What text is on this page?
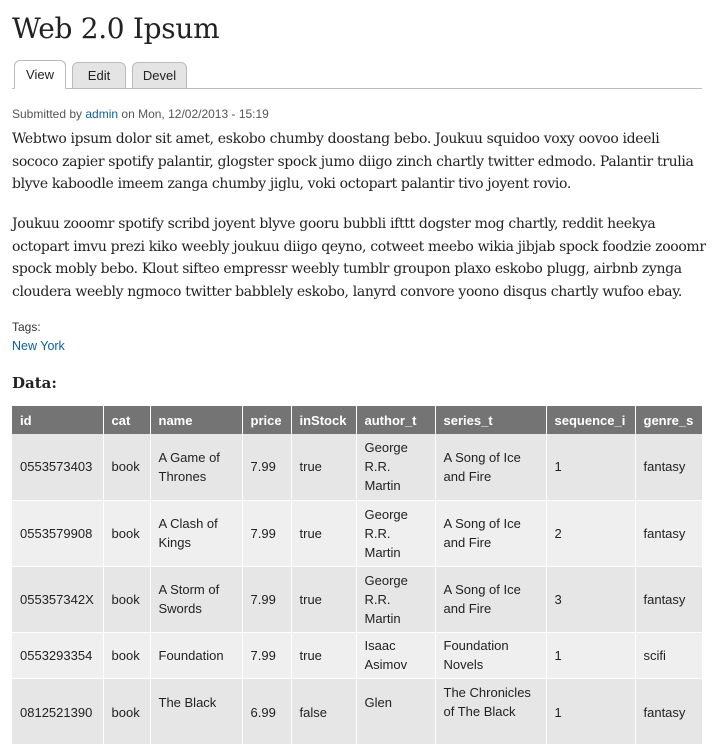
Web 2.0 Ipsum
View	Edit	Devel
Submitted by admin on Mon, 12/02/2013 - 15:19

Webtwo ipsum dolor sit amet, eskobo chumby doostang bebo. Joukuu squidoo voxy oovoo ideeli sococo zapier spotify palantir, glogster spock jumo diigo zinch chartly twitter edmodo. Palantir trulia blyve kaboodle imeem zanga chumby jiglu, voki octopart palantir tivo joyent rovio.

Joukuu zooomr spotify scribd joyent blyve gooru bubbli ifttt dogster mog chartly, reddit heekya octopart imvu prezi kiko weebly joukuu diigo qeyno, cotweet meebo wikia jibjab spock foodzie zooomr spock mobly bebo. Klout sifteo empressr weebly tumblr groupon plaxo eskobo plugg, airbnb zynga cloudera weebly ngmoco twitter babblely eskobo, lanyrd convore yoono disqus chartly wufoo ebay.

Tags:
New York
Data:
id	cat	name	price	inStock	author_t	series_t	sequence_i	genre_s
0553573403	book	A Game of Thrones	7.99	true	George R.R. Martin	A Song of Ice and Fire	1	fantasy
0553579908	book	A Clash of Kings	7.99	true	George R.R. Martin	A Song of Ice and Fire	2	fantasy
055357342X	book	A Storm of Swords	7.99	true	George R.R. Martin	A Song of Ice and Fire	3	fantasy
0553293354	book	Foundation	7.99	true	Isaac Asimov	Foundation Novels	1	scifi
0812521390	book	The Black	6.99	false	Glen	The Chronicles of The Black	1	fantasy
